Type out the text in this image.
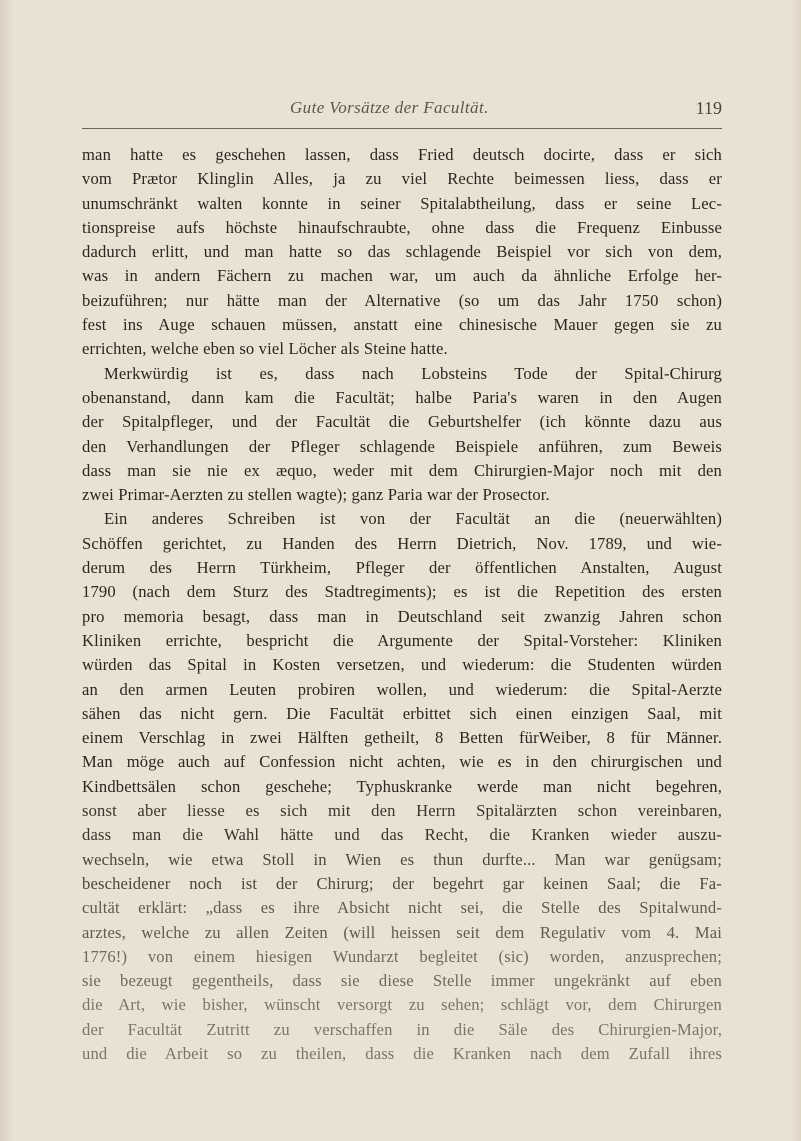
Gute Vorsätze der Facultät.	119
man hatte es geschehen lassen, dass Fried deutsch docirte, dass er sich
vom Prætor Klinglin Alles, ja zu viel Rechte beimessen liess, dass er
unumschränkt walten konnte in seiner Spitalabtheilung, dass er seine Lec-
tionspreise aufs höchste hinaufschraubte, ohne dass die Frequenz Einbusse
dadurch erlitt, und man hatte so das schlagende Beispiel vor sich von dem,
was in andern Fächern zu machen war, um auch da ähnliche Erfolge her-
beizuführen; nur hätte man der Alternative (so um das Jahr 1750 schon)
fest ins Auge schauen müssen, anstatt eine chinesische Mauer gegen sie zu
errichten, welche eben so viel Löcher als Steine hatte.
Merkwürdig ist es, dass nach Lobsteins Tode der Spital-Chirurg
obenanstand, dann kam die Facultät; halbe Paria's waren in den Augen
der Spitalpfleger, und der Facultät die Geburtshelfer (ich könnte dazu aus
den Verhandlungen der Pfleger schlagende Beispiele anführen, zum Beweis
dass man sie nie ex æquo, weder mit dem Chirurgien-Major noch mit den
zwei Primar-Aerzten zu stellen wagte); ganz Paria war der Prosector.
Ein anderes Schreiben ist von der Facultät an die (neuerwählten)
Schöffen gerichtet, zu Handen des Herrn Dietrich, Nov. 1789, und wie-
derum des Herrn Türkheim, Pfleger der öffentlichen Anstalten, August
1790 (nach dem Sturz des Stadtregiments); es ist die Repetition des ersten
pro memoria besagt, dass man in Deutschland seit zwanzig Jahren schon
Kliniken errichte, bespricht die Argumente der Spital-Vorsteher: Kliniken
würden das Spital in Kosten versetzen, und wiederum: die Studenten würden
an den armen Leuten probiren wollen, und wiederum: die Spital-Aerzte
sähen das nicht gern. Die Facultät erbittet sich einen einzigen Saal, mit
einem Verschlag in zwei Hälften getheilt, 8 Betten fürWeiber, 8 für Männer.
Man möge auch auf Confession nicht achten, wie es in den chirurgischen und
Kindbettsälen schon geschehe; Typhuskranke werde man nicht begehren,
sonst aber liesse es sich mit den Herrn Spitalärzten schon vereinbaren,
dass man die Wahl hätte und das Recht, die Kranken wieder auszu-
wechseln, wie etwa Stoll in Wien es thun durfte... Man war genügsam;
bescheidener noch ist der Chirurg; der begehrt gar keinen Saal; die Fa-
cultät erklärt: „dass es ihre Absicht nicht sei, die Stelle des Spitalwund-
arztes, welche zu allen Zeiten (will heissen seit dem Regulativ vom 4. Mai
1776!) von einem hiesigen Wundarzt begleitet (sic) worden, anzusprechen;
sie bezeugt gegentheils, dass sie diese Stelle immer ungekränkt auf eben
die Art, wie bisher, wünscht versorgt zu sehen; schlägt vor, dem Chirurgen
der Facultät Zutritt zu verschaffen in die Säle des Chirurgien-Major,
und die Arbeit so zu theilen, dass die Kranken nach dem Zufall ihres
